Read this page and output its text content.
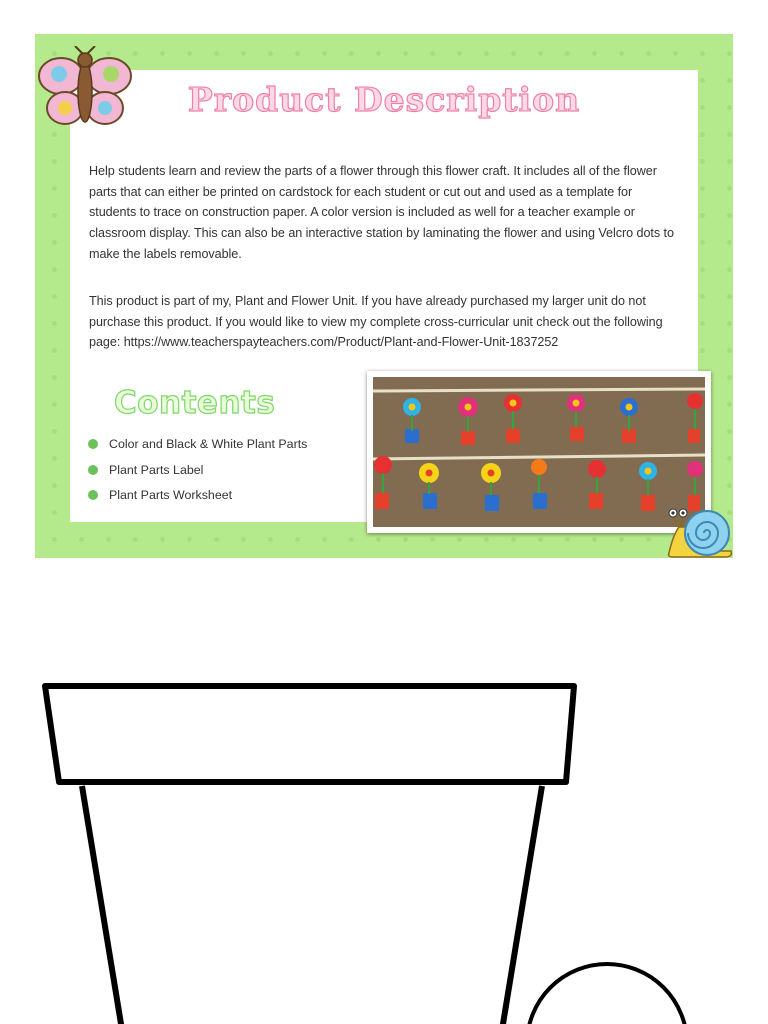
Product Description

Help students learn and review the parts of a flower through this flower craft. It includes all of the flower parts that can either be printed on cardstock for each student or cut out and used as a template for students to trace on construction paper. A color version is included as well for a teacher example or classroom display. This can also be an interactive station by laminating the flower and using Velcro dots to make the labels removable.

This product is part of my, Plant and Flower Unit. If you have already purchased my larger unit do not purchase this product. If you would like to view my complete cross-curricular unit check out the following page: https://www.teacherspayteachers.com/Product/Plant-and-Flower-Unit-1837252

Contents
Color and Black & White Plant Parts
Plant Parts Label
Plant Parts Worksheet
